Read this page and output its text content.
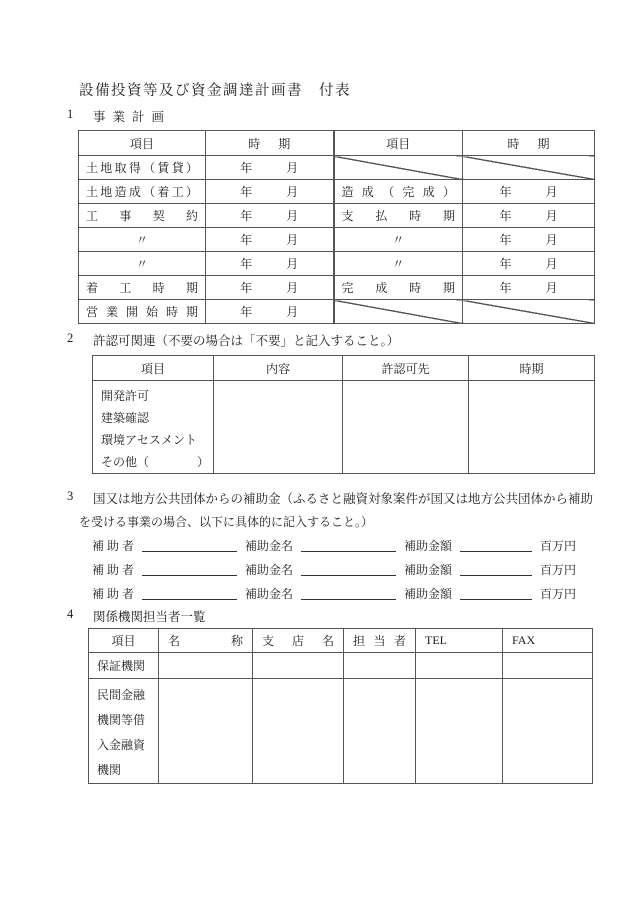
設備投資等及び資金調達計画書　付表
1	事業計画
項目	時期	項目	時期
土地取得（賃貸）	年 月		

土地造成（着工）	年 月	造成（完成）	年 月

工事契約	年 月	支払時期	年 月

〃	年 月	〃	年 月

〃	年 月	〃	年 月

着工時期	年 月	完成時期	年 月

営業開始時期	年 月		

2	許認可関連（不要の場合は「不要」と記入すること。）
項目	内容	許認可先	時期

開発許可
建築確認
環境アセスメント
その他（　　　　）			

3	国又は地方公共団体からの補助金（ふるさと融資対象案件が国又は地方公共団体から補助
を受ける事業の場合、以下に具体的に記入すること。）
補 助 者	補助金名	補助金額	百万円
補 助 者	補助金名	補助金額	百万円
補 助 者	補助金名	補助金額	百万円
4	関係機関担当者一覧
項目	名称	支店名	担当者	TEL	FAX
保証機関					

民間金融
機関等借
入金融資
機関					
